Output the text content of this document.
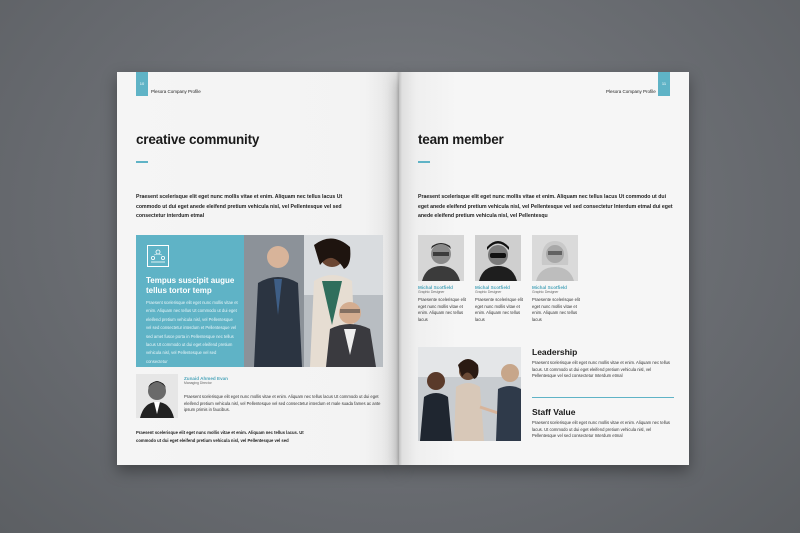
10
Plesora Company Profile
creative community
Praesent scelerisque elit eget nunc mollis vitae et enim. Aliquam nec tellus lacus Ut commodo ut dui eget anede eleifend pretium vehicula nisl, vel Pellentesque vel sed consectetur interdum etmal
Tempus suscipit augue tellus tortor temp
Praesent scelerisque elit eget nunc mollis vitae et enim. Aliquam nec tellus Ut commodo ut dui eget eleifend pretium vehicula nisl, vel Pellentesque vel sed consectetur interdum et Pellentesque vel sed amet fusce porta in Pellentesque nec tellus lacus Ut commodo ut dui eget eleifend pretium vehicula nisl, vel Pellentesque vel sed consectetur
Zunaid Ahmed Evan
Managing Director
Praesent scelerisque elit eget nunc mollis vitae et enim. Aliquam nec tellus lacus Ut commodo ut dui eget eleifend pretium vehicula nisl, vel Pellentesque vel sed consectetur interdum et male suada fames ac ante ipsum primis in faucibus.
Praesent scelerisque elit eget nunc mollis vitae et enim. Aliquam nec tellus lacus. Ut commodo ut dui eget eleifend pretium vehicula nisl, vel Pellentesque vel sed
11
Plesora Company Profile
team member
Praesent scelerisque elit eget nunc mollis vitae et enim. Aliquam nec tellus lacus Ut commodo ut dui eget anede eleifend pretium vehicula nisl, vel Pellentesque vel sed consectetur Interdum etmal dui eget anede eleifend pretium vehicula nisl, vel Pellentesqu
Michal Scotfield
Graphic Designer
Praesente scelerisque elit eget nunc mollis vitae et enim. Aliquam nec tellus lacus
Michal Scotfield
Graphic Designer
Praesente scelerisque elit eget nunc mollis vitae et enim. Aliquam nec tellus lacus
Michal Scotfield
Graphic Designer
Praesente scelerisque elit eget nunc mollis vitae et enim. Aliquam nec tellus lacus
Leadership
Praesent scelerisque elit eget nunc mollis vitae et enim. Aliquam nec tellus lacus. Ut commodo ut dui eget eleifend pretium vehicula nisl, vel Pellentesque vel sed consectetur Interdum etmal
Staff Value
Praesent scelerisque elit eget nunc mollis vitae et enim. Aliquam nec tellus lacus. Ut commodo ut dui eget eleifend pretium vehicula nisl, vel Pellentesque vel sed consectetur Interdum etmal
